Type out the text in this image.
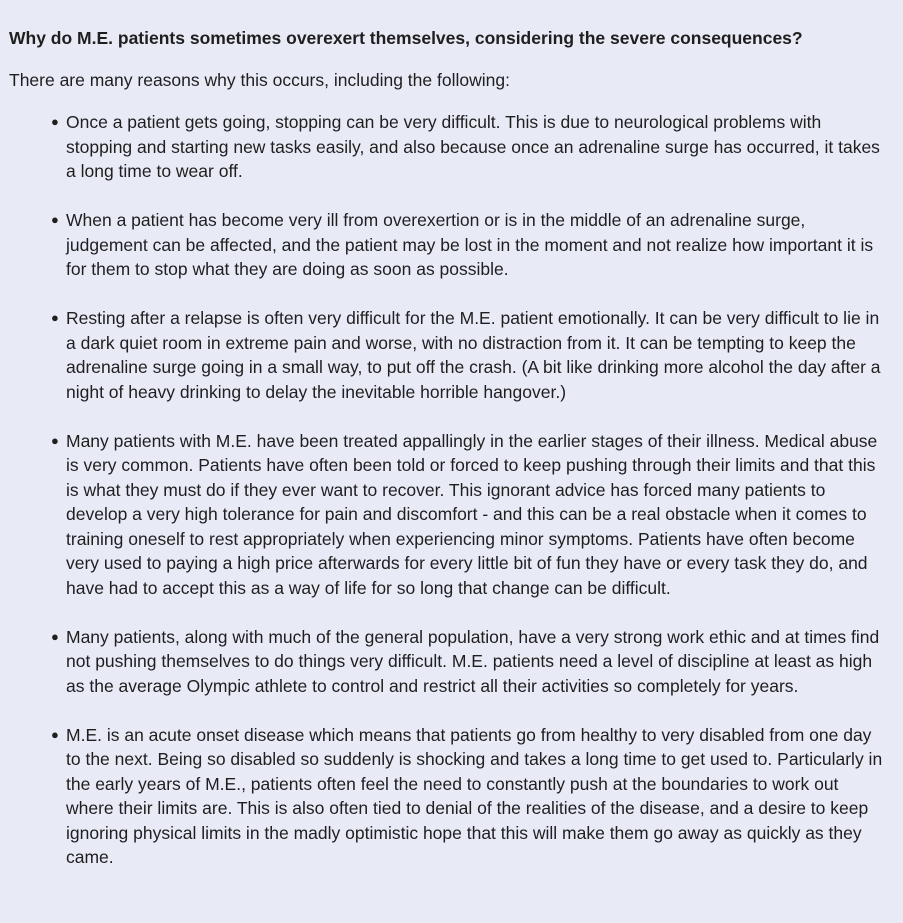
Why do M.E. patients sometimes overexert themselves, considering the severe consequences?

There are many reasons why this occurs, including the following:

● Once a patient gets going, stopping can be very difficult. This is due to neurological problems with stopping and starting new tasks easily, and also because once an adrenaline surge has occurred, it takes a long time to wear off.
● When a patient has become very ill from overexertion or is in the middle of an adrenaline surge, judgement can be affected, and the patient may be lost in the moment and not realize how important it is for them to stop what they are doing as soon as possible.
● Resting after a relapse is often very difficult for the M.E. patient emotionally. It can be very difficult to lie in a dark quiet room in extreme pain and worse, with no distraction from it. It can be tempting to keep the adrenaline surge going in a small way, to put off the crash. (A bit like drinking more alcohol the day after a night of heavy drinking to delay the inevitable horrible hangover.)
● Many patients with M.E. have been treated appallingly in the earlier stages of their illness. Medical abuse is very common. Patients have often been told or forced to keep pushing through their limits and that this is what they must do if they ever want to recover. This ignorant advice has forced many patients to develop a very high tolerance for pain and discomfort - and this can be a real obstacle when it comes to training oneself to rest appropriately when experiencing minor symptoms. Patients have often become very used to paying a high price afterwards for every little bit of fun they have or every task they do, and have had to accept this as a way of life for so long that change can be difficult.
● Many patients, along with much of the general population, have a very strong work ethic and at times find not pushing themselves to do things very difficult. M.E. patients need a level of discipline at least as high as the average Olympic athlete to control and restrict all their activities so completely for years.
● M.E. is an acute onset disease which means that patients go from healthy to very disabled from one day to the next. Being so disabled so suddenly is shocking and takes a long time to get used to. Particularly in the early years of M.E., patients often feel the need to constantly push at the boundaries to work out where their limits are. This is also often tied to denial of the realities of the disease, and a desire to keep ignoring physical limits in the madly optimistic hope that this will make them go away as quickly as they came.
